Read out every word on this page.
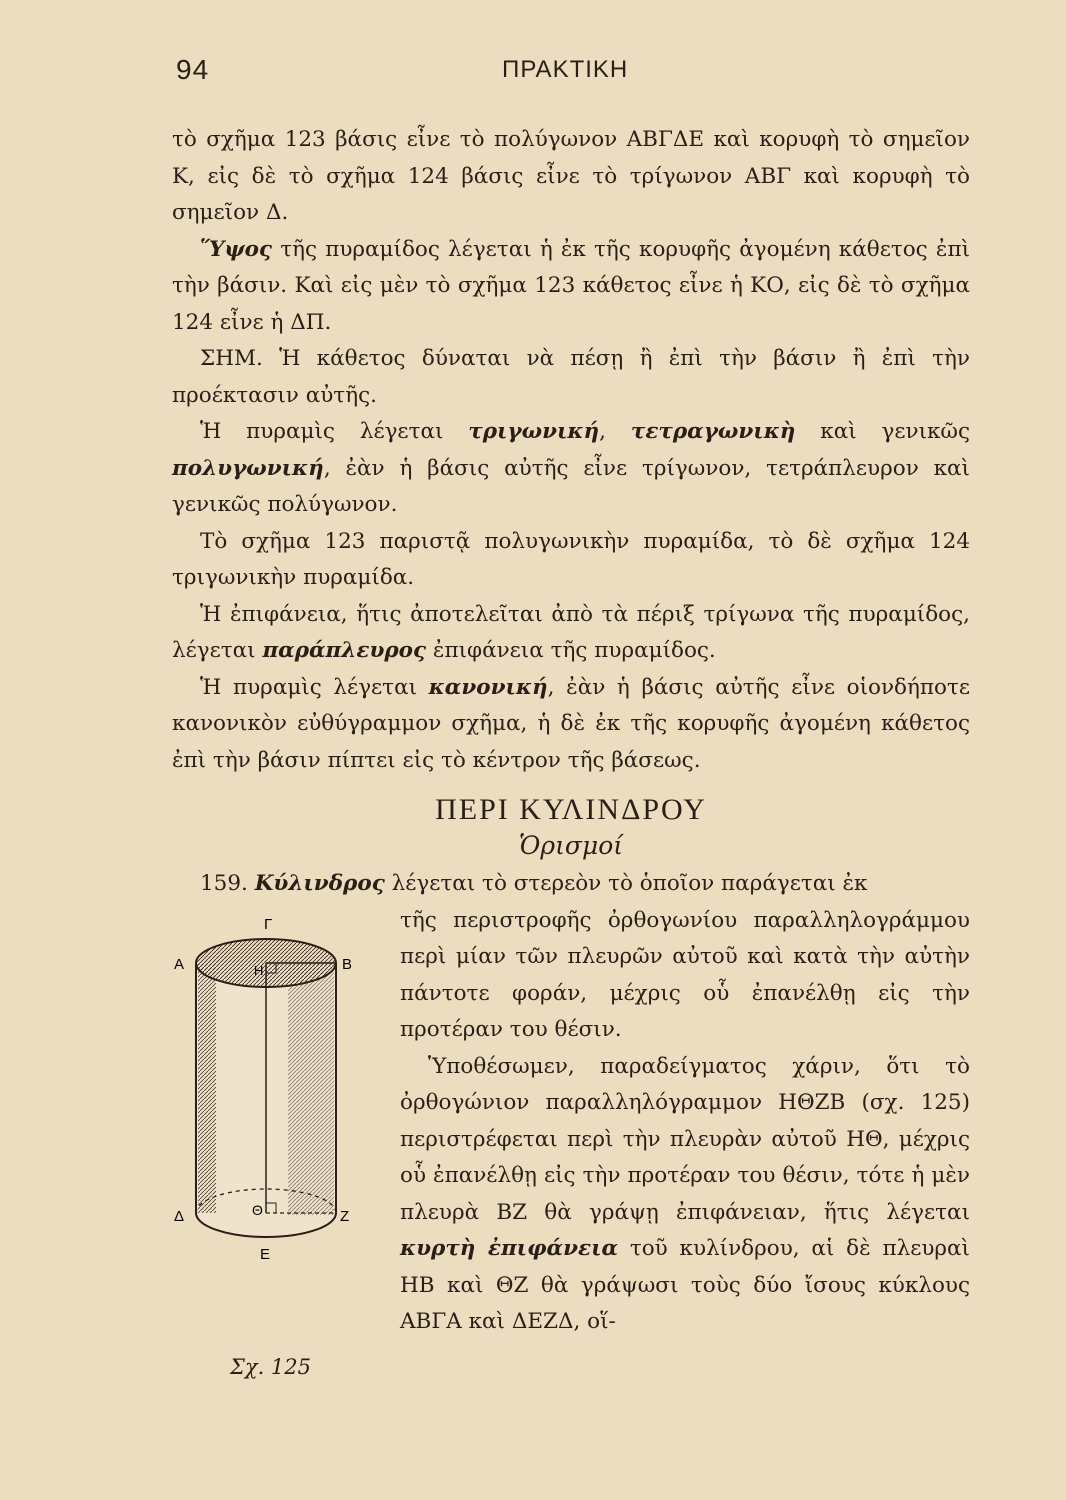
94	ΠΡΑΚΤΙΚΗ

τὸ σχῆμα 123 βάσις εἶνε τὸ πολύγωνον ΑΒΓΔΕ καὶ κορυφὴ τὸ σημεῖον Κ, εἰς δὲ τὸ σχῆμα 124 βάσις εἶνε τὸ τρίγωνον ΑΒΓ καὶ κορυφὴ τὸ σημεῖον Δ.

Ὕψος τῆς πυραμίδος λέγεται ἡ ἐκ τῆς κορυφῆς ἀγομένη κάθετος ἐπὶ τὴν βάσιν. Καὶ εἰς μὲν τὸ σχῆμα 123 κάθετος εἶνε ἡ ΚΟ, εἰς δὲ τὸ σχῆμα 124 εἶνε ἡ ΔΠ.

ΣΗΜ. Ἡ κάθετος δύναται νὰ πέσῃ ἢ ἐπὶ τὴν βάσιν ἢ ἐπὶ τὴν προέκτασιν αὐτῆς.

Ἡ πυραμὶς λέγεται τριγωνική, τετραγωνικὴ καὶ γενικῶς πολυγωνική, ἐὰν ἡ βάσις αὐτῆς εἶνε τρίγωνον, τετράπλευρον καὶ γενικῶς πολύγωνον.

Τὸ σχῆμα 123 παριστᾷ πολυγωνικὴν πυραμίδα, τὸ δὲ σχῆμα 124 τριγωνικὴν πυραμίδα.

Ἡ ἐπιφάνεια, ἥτις ἀποτελεῖται ἀπὸ τὰ πέριξ τρίγωνα τῆς πυραμίδος, λέγεται παράπλευρος ἐπιφάνεια τῆς πυραμίδος.

Ἡ πυραμὶς λέγεται κανονική, ἐὰν ἡ βάσις αὐτῆς εἶνε οἱονδήποτε κανονικὸν εὐθύγραμμον σχῆμα, ἡ δὲ ἐκ τῆς κορυφῆς ἀγομένη κάθετος ἐπὶ τὴν βάσιν πίπτει εἰς τὸ κέντρον τῆς βάσεως.

ΠΕΡΙ ΚΥΛΙΝΔΡΟΥ
Ὁρισμοί

159. Κύλινδρος λέγεται τὸ στερεὸν τὸ ὁποῖον παράγεται ἐκ

Γ
Α	Β
Η
Δ	Θ	Ζ
Ε
Σχ. 125

τῆς περιστροφῆς ὀρθογωνίου παραλληλογράμμου περὶ μίαν τῶν πλευρῶν αὐτοῦ καὶ κατὰ τὴν αὐτὴν πάντοτε φοράν, μέχρις οὗ ἐπανέλθῃ εἰς τὴν προτέραν του θέσιν.

Ὑποθέσωμεν, παραδείγματος χάριν, ὅτι τὸ ὀρθογώνιον παραλληλόγραμμον ΗΘΖΒ (σχ. 125) περιστρέφεται περὶ τὴν πλευρὰν αὐτοῦ ΗΘ, μέχρις οὗ ἐπανέλθῃ εἰς τὴν προτέραν του θέσιν, τότε ἡ μὲν πλευρὰ ΒΖ θὰ γράψῃ ἐπιφάνειαν, ἥτις λέγεται κυρτὴ ἐπιφάνεια τοῦ κυλίνδρου, αἱ δὲ πλευραὶ ΗΒ καὶ ΘΖ θὰ γράψωσι τοὺς δύο ἴσους κύκλους ΑΒΓΑ καὶ ΔΕΖΔ, οἵ-
